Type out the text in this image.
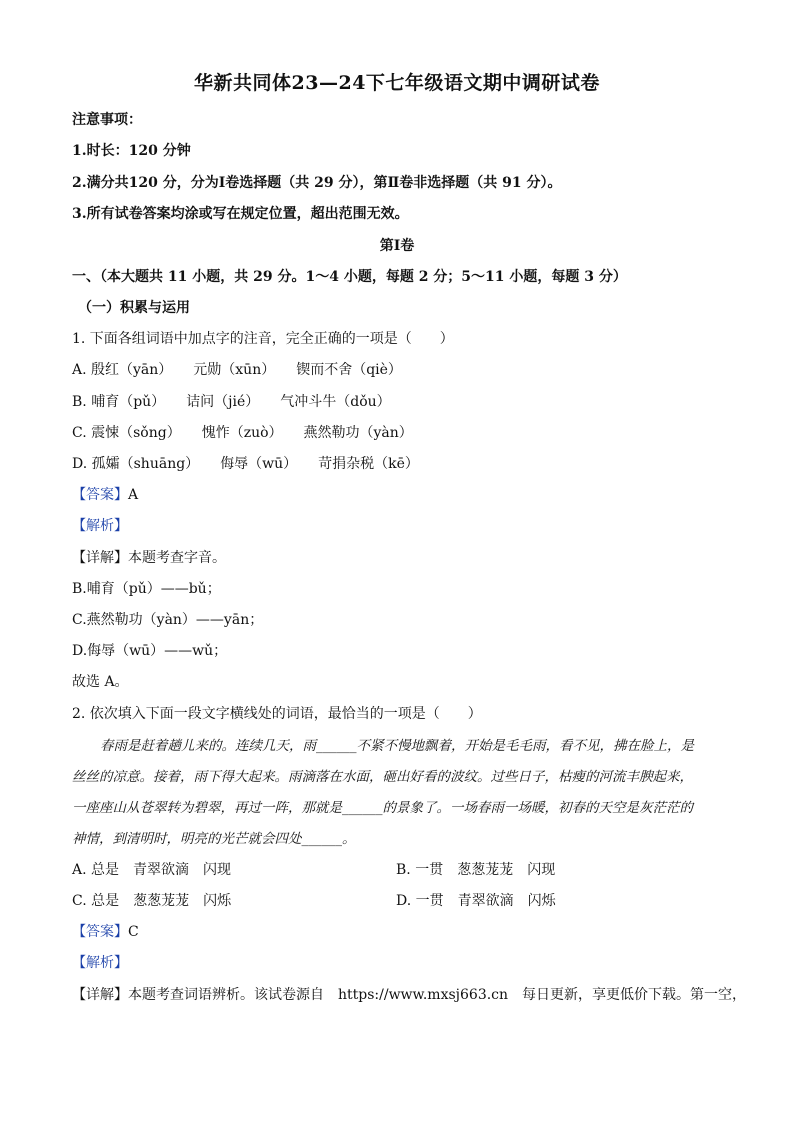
华新共同体23—24下七年级语文期中调研试卷
注意事项：
1.时长：120 分钟
2.满分共120 分，分为Ⅰ卷选择题（共 29 分），第Ⅱ卷非选择题（共 91 分）。
3.所有试卷答案均涂或写在规定位置，超出范围无效。
第Ⅰ卷
一、（本大题共 11 小题，共 29 分。1～4 小题，每题 2 分；5～11 小题，每题 3 分）
（一）积累与运用
1. 下面各组词语中加点字的注音，完全正确的一项是（　　）
A. 殷红（yān）　　元勋（xūn）　　锲而不舍（qiè）
B. 哺育（pǔ）　　诘问（jié）　　气冲斗牛（dǒu）
C. 震悚（sǒng）　　愧怍（zuò）　　燕然勒功（yàn）
D. 孤孀（shuāng）　　侮辱（wū）　　苛捐杂税（kē）
【答案】A
【解析】
【详解】本题考查字音。
B.哺育（pǔ）——bǔ；
C.燕然勒功（yàn）——yān；
D.侮辱（wū）——wǔ；
故选 A。
2. 依次填入下面一段文字横线处的词语，最恰当的一项是（　　）
春雨是赶着趟儿来的。连续几天，雨______不紧不慢地飘着，开始是毛毛雨，看不见，拂在脸上，是
丝丝的凉意。接着，雨下得大起来。雨滴落在水面，砸出好看的波纹。过些日子，枯瘦的河流丰腴起来，
一座座山从苍翠转为碧翠，再过一阵，那就是______的景象了。一场春雨一场暖，初春的天空是灰茫茫的
神情，到清明时，明亮的光芒就会四处______。
A. 总是　青翠欲滴　闪现	B. 一贯　葱葱茏茏　闪现
C. 总是　葱葱茏茏　闪烁	D. 一贯　青翠欲滴　闪烁
【答案】C
【解析】
【详解】本题考查词语辨析。该试卷源自　https://www.mxsj663.cn　每日更新，享更低价下载。第一空，
